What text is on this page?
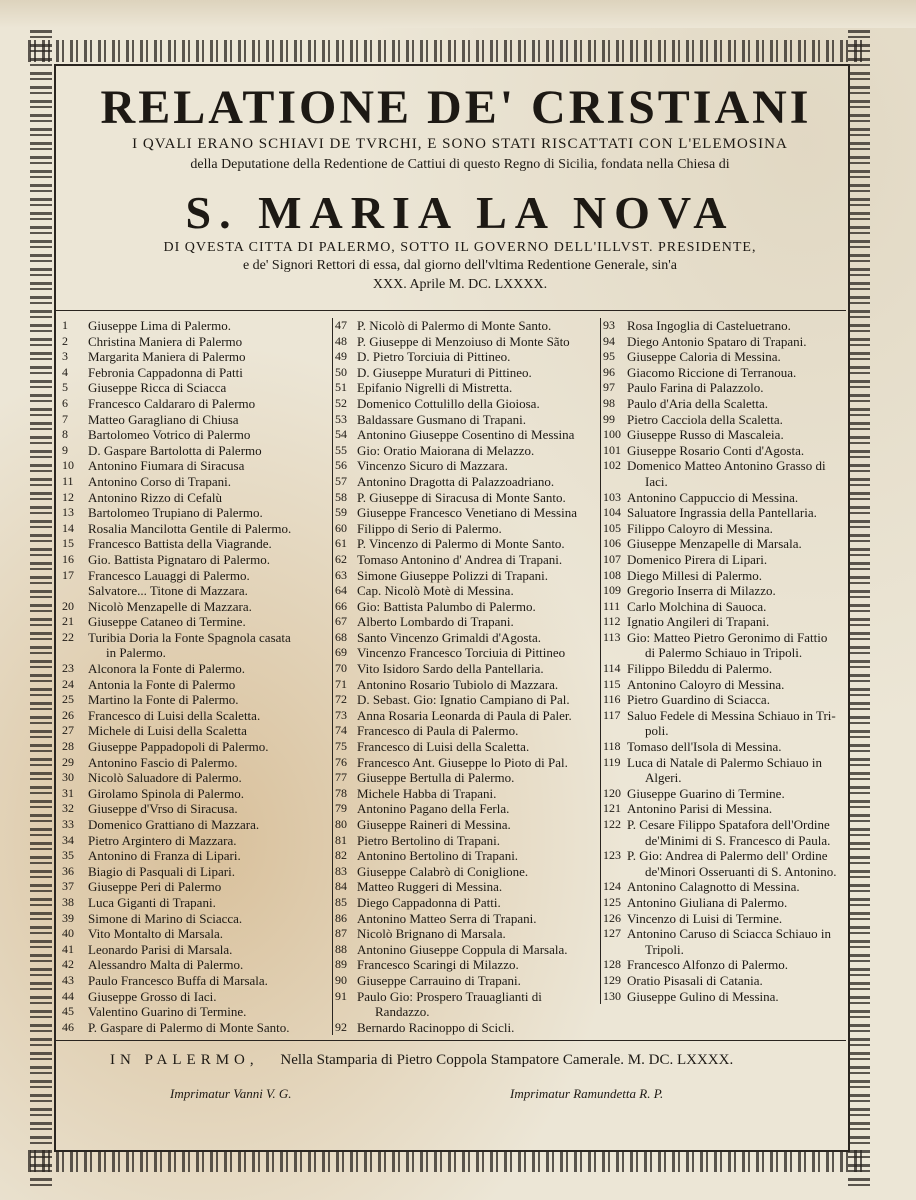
RELATIONE DE' CRISTIANI
I QVALI ERANO SCHIAVI DE TVRCHI, E SONO STATI RISCATTATI CON L'ELEMOSINA
della Deputatione della Redentione de Cattiui di questo Regno di Sicilia, fondata nella Chiesa di
S. MARIA LA NOVA
DI QVESTA CITTA DI PALERMO, SOTTO IL GOVERNO DELL'ILLVST. PRESIDENTE,
e de' Signori Rettori di essa, dal giorno dell'vltima Redentione Generale, sin'a
XXX. Aprile M. DC. LXXXX.
1	Giuseppe Lima di Palermo.
2	Christina Maniera di Palermo
3	Margarita Maniera di Palermo
4	Febronia Cappadonna di Patti
5	Giuseppe Ricca di Sciacca
6	Francesco Caldararo di Palermo
7	Matteo Garagliano di Chiusa
8	Bartolomeo Votrico di Palermo
9	D. Gaspare Bartolotta di Palermo
10	Antonino Fiumara di Siracusa
11	Antonino Corso di Trapani.
12	Antonino Rizzo di Cefalù
13	Bartolomeo Trupiano di Palermo.
14	Rosalia Mancilotta Gentile di Palermo.
15	Francesco Battista della Viagrande.
16	Gio. Battista Pignataro di Palermo.
17	Francesco Lauaggi di Palermo.
Salvatore... Titone di Mazzara.
20	Nicolò Menzapelle di Mazzara.
21	Giuseppe Cataneo di Termine.
22	Turibia Doria la Fonte Spagnola casata
in Palermo.
23	Alconora la Fonte di Palermo.
24	Antonia la Fonte di Palermo
25	Martino la Fonte di Palermo.
26	Francesco di Luisi della Scaletta.
27	Michele di Luisi della Scaletta
28	Giuseppe Pappadopoli di Palermo.
29	Antonino Fascio di Palermo.
30	Nicolò Saluadore di Palermo.
31	Girolamo Spinola di Palermo.
32	Giuseppe d'Vrso di Siracusa.
33	Domenico Grattiano di Mazzara.
34	Pietro Argintero di Mazzara.
35	Antonino di Franza di Lipari.
36	Biagio di Pasquali di Lipari.
37	Giuseppe Peri di Palermo
38	Luca Giganti di Trapani.
39	Simone di Marino di Sciacca.
40	Vito Montalto di Marsala.
41	Leonardo Parisi di Marsala.
42	Alessandro Malta di Palermo.
43	Paulo Francesco Buffa di Marsala.
44	Giuseppe Grosso di Iaci.
45	Valentino Guarino di Termine.
46	P. Gaspare di Palermo di Monte Santo.
47 P. Nicolò di Palermo di Monte Santo.
48 P. Giuseppe di Menzoiuso di Monte Sãto
49 D. Pietro Torciuia di Pittineo.
50 D. Giuseppe Muraturi di Pittineo.
51 Epifanio Nigrelli di Mistretta.
52 Domenico Cottulillo della Gioiosa.
53 Baldassare Gusmano di Trapani.
54 Antonino Giuseppe Cosentino di Messina
55 Gio: Oratio Maiorana di Melazzo.
56 Vincenzo Sicuro di Mazzara.
57 Antonino Dragotta di Palazzoadriano.
58 P. Giuseppe di Siracusa di Monte Santo.
59 Giuseppe Francesco Venetiano di Messina
60 Filippo di Serio di Palermo.
61 P. Vincenzo di Palermo di Monte Santo.
62 Tomaso Antonino d' Andrea di Trapani.
63 Simone Giuseppe Polizzi di Trapani.
64 Cap. Nicolò Motè di Messina.
66 Gio: Battista Palumbo di Palermo.
67 Alberto Lombardo di Trapani.
68 Santo Vincenzo Grimaldi d'Agosta.
69 Vincenzo Francesco Torciuia di Pittineo
70 Vito Isidoro Sardo della Pantellaria.
71 Antonino Rosario Tubiolo di Mazzara.
72 D. Sebast. Gio: Ignatio Campiano di Pal.
73 Anna Rosaria Leonarda di Paula di Paler.
74 Francesco di Paula di Palermo.
75 Francesco di Luisi della Scaletta.
76 Francesco Ant. Giuseppe lo Pioto di Pal.
77 Giuseppe Bertulla di Palermo.
78 Michele Habba di Trapani.
79 Antonino Pagano della Ferla.
80 Giuseppe Raineri di Messina.
81 Pietro Bertolino di Trapani.
82 Antonino Bertolino di Trapani.
83 Giuseppe Calabrò di Coniglione.
84 Matteo Ruggeri di Messina.
85 Diego Cappadonna di Patti.
86 Antonino Matteo Serra di Trapani.
87 Nicolò Brignano di Marsala.
88 Antonino Giuseppe Coppula di Marsala.
89 Francesco Scaringi di Milazzo.
90 Giuseppe Carrauino di Trapani.
91 Paulo Gio: Prospero Trauaglianti di
Randazzo.
92 Bernardo Racinoppo di Scicli.
93 Rosa Ingoglia di Casteluetrano.
94 Diego Antonio Spataro di Trapani.
95 Giuseppe Caloria di Messina.
96 Giacomo Riccione di Terranoua.
97 Paulo Farina di Palazzolo.
98 Paulo d'Aria della Scaletta.
99 Pietro Cacciola della Scaletta.
100 Giuseppe Russo di Mascaleia.
101 Giuseppe Rosario Conti d'Agosta.
102 Domenico Matteo Antonino Grasso di
Iaci.
103 Antonino Cappuccio di Messina.
104 Saluatore Ingrassia della Pantellaria.
105 Filippo Caloyro di Messina.
106 Giuseppe Menzapelle di Marsala.
107 Domenico Pirera di Lipari.
108 Diego Millesi di Palermo.
109 Gregorio Inserra di Milazzo.
111 Carlo Molchina di Sauoca.
112 Ignatio Angileri di Trapani.
113 Gio: Matteo Pietro Geronimo di Fattio
di Palermo Schiauo in Tripoli.
114 Filippo Bileddu di Palermo.
115 Antonino Caloyro di Messina.
116 Pietro Guardino di Sciacca.
117 Saluo Fedele di Messina Schiauo in Tri-
poli.
118 Tomaso dell'Isola di Messina.
119 Luca di Natale di Palermo Schiauo in
Algeri.
120 Giuseppe Guarino di Termine.
121 Antonino Parisi di Messina.
122 P. Cesare Filippo Spatafora dell'Ordine
de'Minimi di S. Francesco di Paula.
123 P. Gio: Andrea di Palermo dell' Ordine
de'Minori Osseruanti di S. Antonino.
124 Antonino Calagnotto di Messina.
125 Antonino Giuliana di Palermo.
126 Vincenzo di Luisi di Termine.
127 Antonino Caruso di Sciacca Schiauo in
Tripoli.
128 Francesco Alfonzo di Palermo.
129 Oratio Pisasali di Catania.
130 Giuseppe Gulino di Messina.
IN PALERMO, Nella Stamparia di Pietro Coppola Stampatore Camerale. M. DC. LXXXX.
Imprimatur Vanni V. G.	Imprimatur Ramundetta R. P.
